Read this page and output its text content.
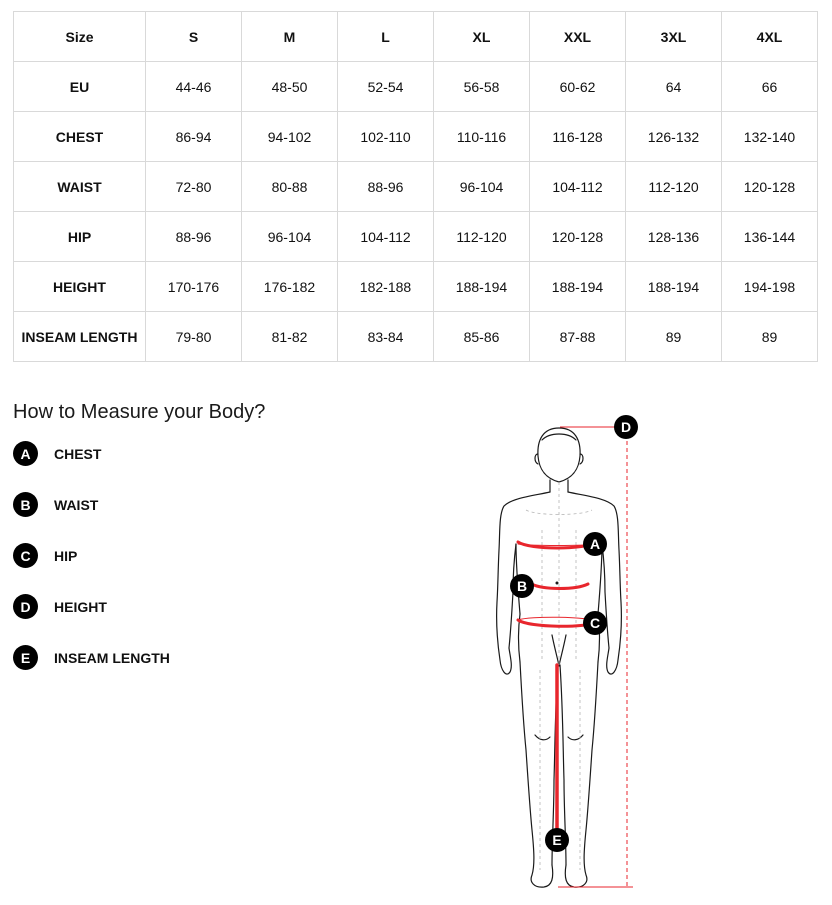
Size	S	M	L	XL	XXL	3XL	4XL
EU	44-46	48-50	52-54	56-58	60-62	64	66
CHEST	86-94	94-102	102-110	110-116	116-128	126-132	132-140
WAIST	72-80	80-88	88-96	96-104	104-112	112-120	120-128
HIP	88-96	96-104	104-112	112-120	120-128	128-136	136-144
HEIGHT	170-176	176-182	182-188	188-194	188-194	188-194	194-198
INSEAM LENGTH	79-80	81-82	83-84	85-86	87-88	89	89
How to Measure your Body?
A	CHEST
B	WAIST
C	HIP
D	HEIGHT
E	INSEAM LENGTH
D
A
B
C
E
